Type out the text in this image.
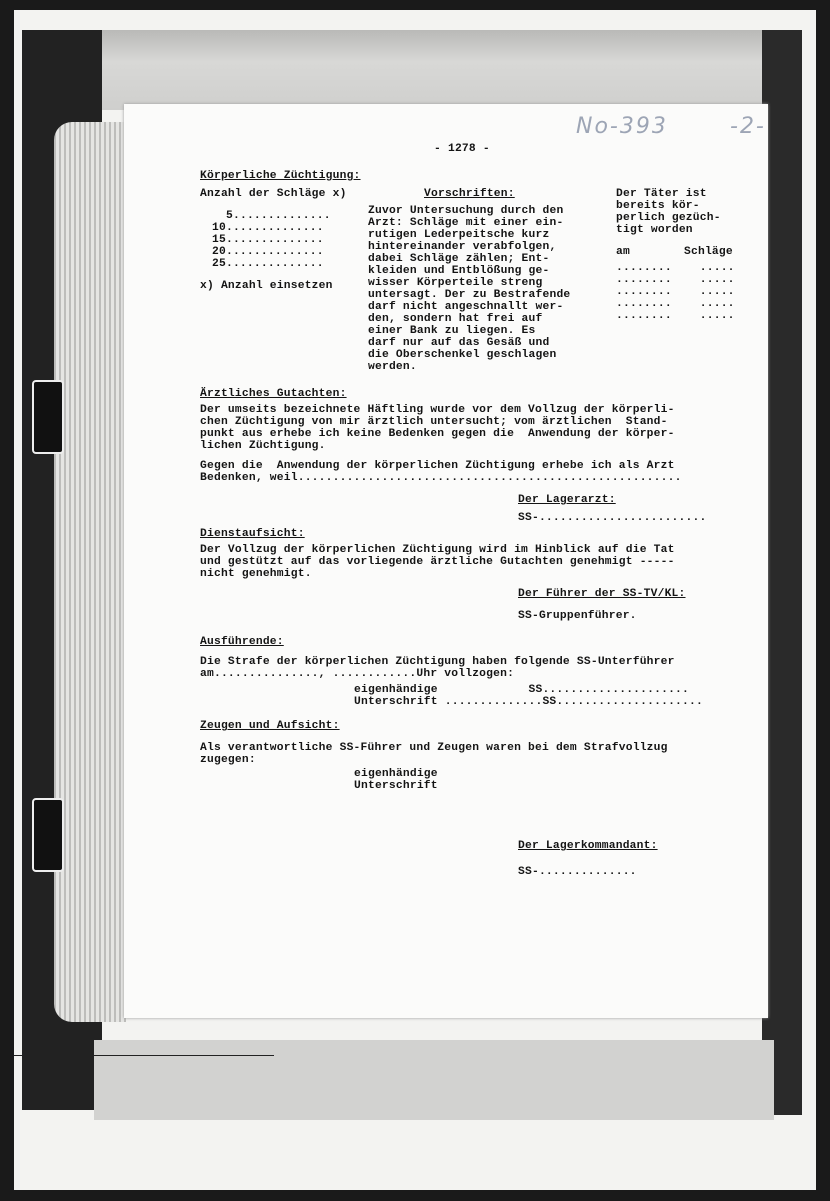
- 1278 -
No-393	-2-
Körperliche Züchtigung:
Anzahl der Schläge x)
5..............
10..............
15..............
20..............
25..............
x) Anzahl einsetzen
Vorschriften:
Zuvor Untersuchung durch den
Arzt: Schläge mit einer ein-
rutigen Lederpeitsche kurz
hintereinander verabfolgen,
dabei Schläge zählen; Ent-
kleiden und Entblößung ge-
wisser Körperteile streng
untersagt. Der zu Bestrafende
darf nicht angeschnallt wer-
den, sondern hat frei auf
einer Bank zu liegen. Es
darf nur auf das Gesäß und
die Oberschenkel geschlagen
werden.
Der Täter ist
bereits kör-
perlich gezüch-
tigt worden
am	Schläge
........    .....
........    .....
........    .....
........    .....
........    .....
Ärztliches Gutachten:
Der umseits bezeichnete Häftling wurde vor dem Vollzug der körperli-
chen Züchtigung von mir ärztlich untersucht; vom ärztlichen  Stand-
punkt aus erhebe ich keine Bedenken gegen die  Anwendung der körper-
lichen Züchtigung.
Gegen die  Anwendung der körperlichen Züchtigung erhebe ich als Arzt
Bedenken, weil.......................................................
Der Lagerarzt:
SS-........................
Dienstaufsicht:
Der Vollzug der körperlichen Züchtigung wird im Hinblick auf die Tat
und gestützt auf das vorliegende ärztliche Gutachten genehmigt -----
nicht genehmigt.
Der Führer der SS-TV/KL:
SS-Gruppenführer.
Ausführende:
Die Strafe der körperlichen Züchtigung haben folgende SS-Unterführer
am..............., ............Uhr vollzogen:
eigenhändige             SS.....................
Unterschrift ..............SS.....................
Zeugen und Aufsicht:
Als verantwortliche SS-Führer und Zeugen waren bei dem Strafvollzug
zugegen:
eigenhändige
Unterschrift
Der Lagerkommandant:
SS-..............
